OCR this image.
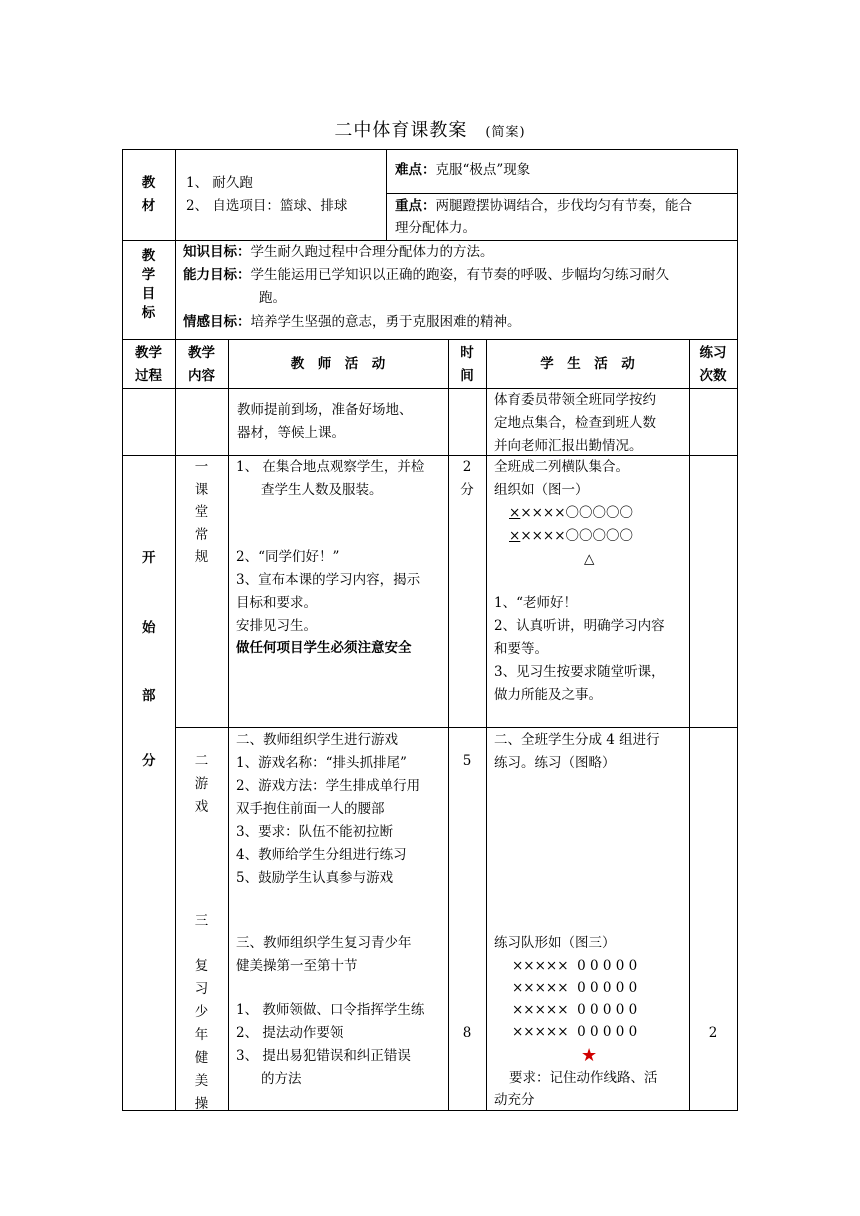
二中体育课教案 (简案)
教
材
1、 耐久跑
2、 自选项目：篮球、排球
难点：克服“极点”现象
重点：两腿蹬摆协调结合，步伐均匀有节奏，能合
理分配体力。
教
学
目
标
知识目标：学生耐久跑过程中合理分配体力的方法。
能力目标：学生能运用已学知识以正确的跑姿，有节奏的呼吸、步幅均匀练习耐久
跑。
情感目标：培养学生坚强的意志，勇于克服困难的精神。
教学
过程
教学
内容
教　师　活　动
时
间
学　生　活　动
练习
次数
教师提前到场，准备好场地、
器材，等候上课。
体育委员带领全班同学按约
定地点集合，检查到班人数
并向老师汇报出勤情况。
开
始
部
分
一
课
堂
常
规
1、 在集合地点观察学生，并检
查学生人数及服装。
2、“同学们好！”
3、宣布本课的学习内容，揭示
目标和要求。
安排见习生。
做任何项目学生必须注意安全
2
分
全班成二列横队集合。
组织如（图一）
×××××〇〇〇〇〇
×××××〇〇〇〇〇
△
1、“老师好！
2、认真听讲，明确学习内容
和要等。
3、见习生按要求随堂听课，
做力所能及之事。
二
游
戏
二、教师组织学生进行游戏
1、游戏名称：“排头抓排尾”
2、游戏方法：学生排成单行用
双手抱住前面一人的腰部
3、要求：队伍不能初拉断
4、教师给学生分组进行练习
5、鼓励学生认真参与游戏
5
二、全班学生分成 4 组进行
练习。练习（图略）
三
复
习
少
年
健
美
操
三、教师组织学生复习青少年
健美操第一至第十节
1、 教师领做、口令指挥学生练
2、 提法动作要领
3、 提出易犯错误和纠正错误
的方法
8
练习队形如（图三）
×××××  0 0 0 0 0
×××××  0 0 0 0 0
×××××  0 0 0 0 0
×××××  0 0 0 0 0
★
要求：记住动作线路、活
动充分
2
